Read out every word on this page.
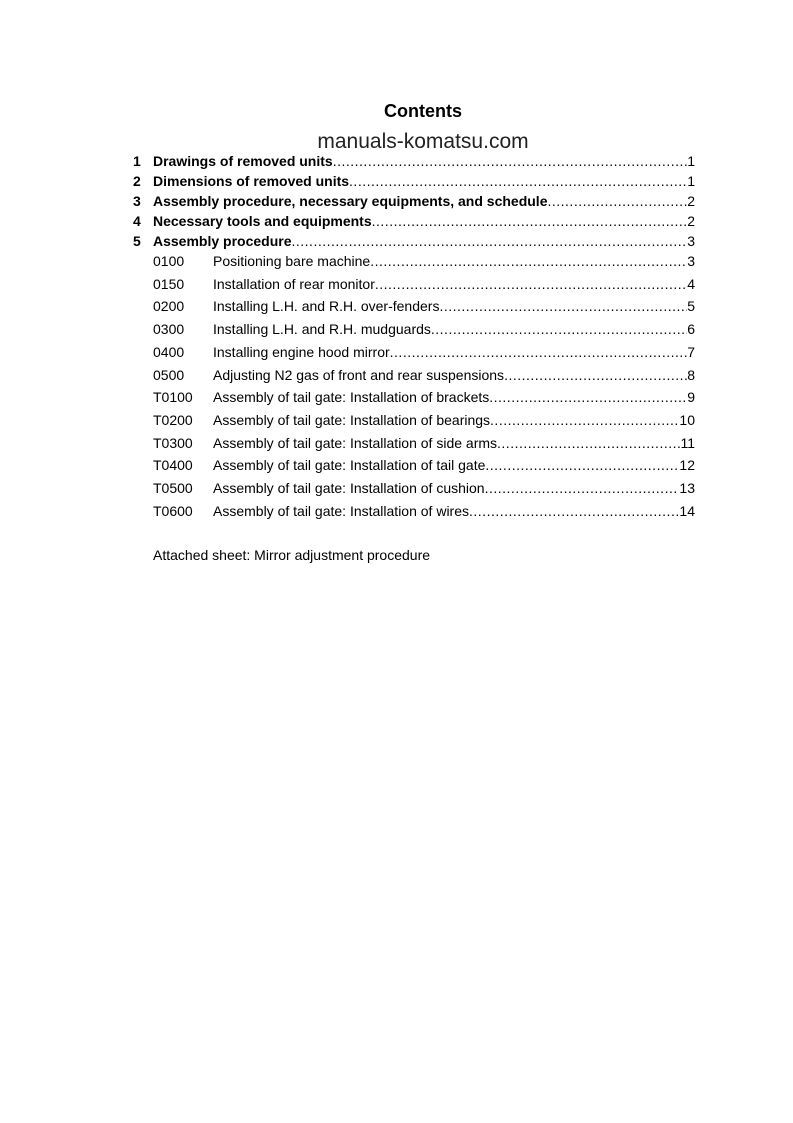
Contents
manuals-komatsu.com
1 Drawings of removed units .....	1
2 Dimensions of removed units .....	1
3 Assembly procedure, necessary equipments, and schedule .....	2
4 Necessary tools and equipments .....	2
5 Assembly procedure .....	3
0100	Positioning bare machine .....	3
0150	Installation of rear monitor .....	4
0200	Installing L.H. and R.H. over-fenders .....	5
0300	Installing L.H. and R.H. mudguards .....	6
0400	Installing engine hood mirror .....	7
0500	Adjusting N2 gas of front and rear suspensions .....	8
T0100	Assembly of tail gate: Installation of brackets .....	9
T0200	Assembly of tail gate: Installation of bearings .....	10
T0300	Assembly of tail gate: Installation of side arms .....	11
T0400	Assembly of tail gate: Installation of tail gate .....	12
T0500	Assembly of tail gate: Installation of cushion .....	13
T0600	Assembly of tail gate: Installation of wires .....	14
Attached sheet: Mirror adjustment procedure
